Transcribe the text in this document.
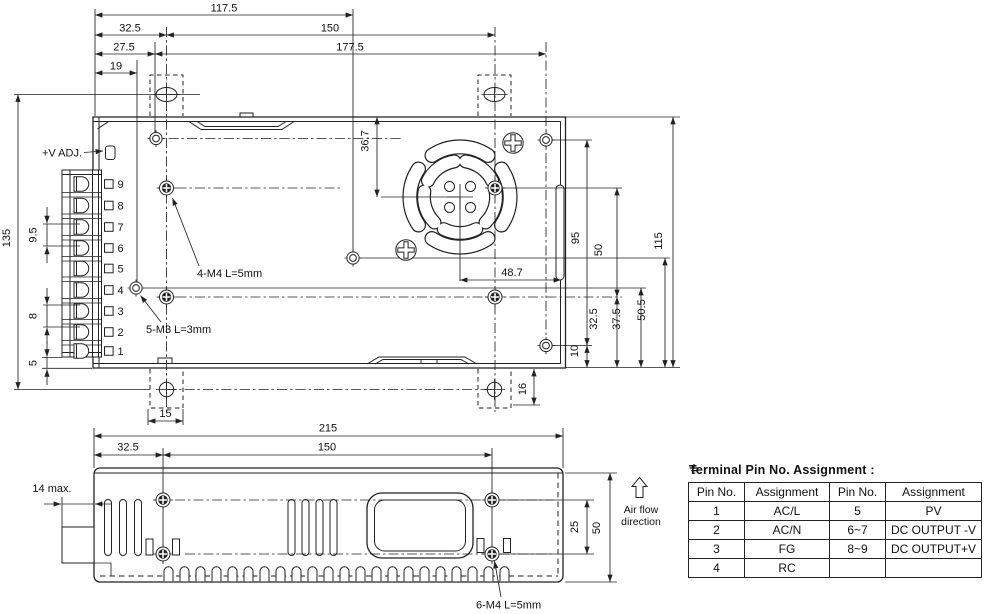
117.5
32.5	150
27.5	177.5
19
135 9.5
8
5
36.7
48.7
95
10
50
32.5 37.5 50.5
115
16
15
+V ADJ.
4-M4 L=5mm
5-M3 L=3mm
9
8
7
6
5
4
3
2
1
215
32.5	150
14 max.
25 50
6-M4 L=5mm
Air flow
direction
Terminal Pin No. Assignment :
Pin No.	Assignment	Pin No.	Assignment
1	AC/L	5	PV
2	AC/N	6~7	DC OUTPUT -V
3	FG	8~9	DC OUTPUT+V
4	RC		
